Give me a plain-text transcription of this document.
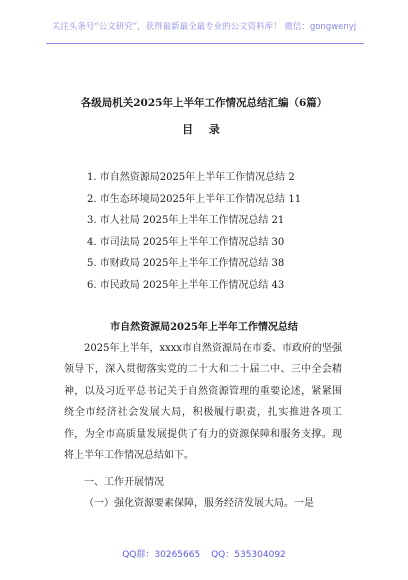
关注头条号“公文研究”，获得最新最全最专业的公文资料库！ 微信：gongwenyj
各级局机关2025年上半年工作情况总结汇编（6篇）
目 录
1. 市自然资源局2025年上半年工作情况总结 2
2. 市生态环境局2025年上半年工作情况总结 11
3. 市人社局 2025年上半年工作情况总结 21
4. 市司法局 2025年上半年工作情况总结 30
5. 市财政局 2025年上半年工作情况总结 38
6. 市民政局 2025年上半年工作情况总结 43
市自然资源局2025年上半年工作情况总结
2025年上半年，xxxx市自然资源局在市委、市政府的坚强领导下，深入贯彻落实党的二十大和二十届二中、三中全会精神，以及习近平总书记关于自然资源管理的重要论述，紧紧围绕全市经济社会发展大局，积极履行职责，扎实推进各项工作，为全市高质量发展提供了有力的资源保障和服务支撑。现将上半年工作情况总结如下。
一、工作开展情况
（一）强化资源要素保障，服务经济发展大局。一是
QQ群：30265665 QQ：535304092
